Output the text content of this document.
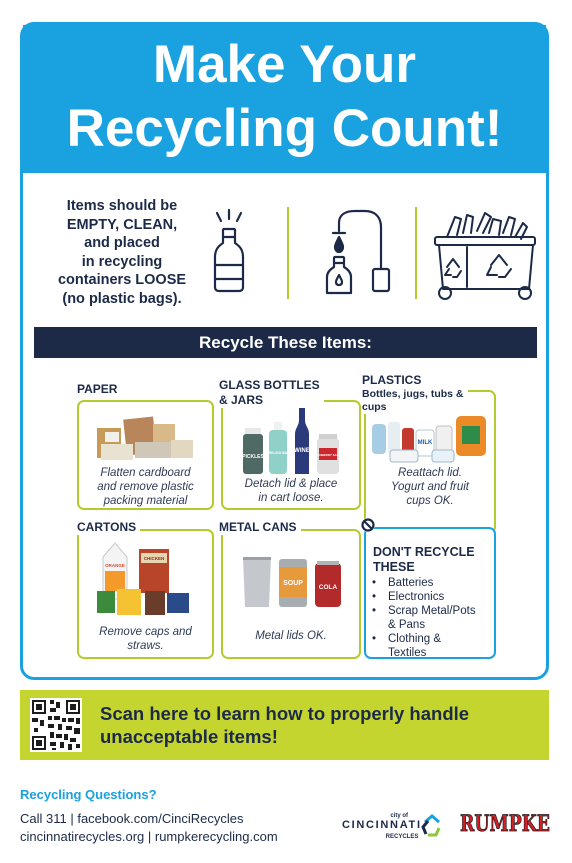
Make Your
Recycling Count!
Items should be
EMPTY, CLEAN,
and placed
in recycling
containers LOOSE
(no plastic bags).
Recycle These Items:
Flatten cardboard
and remove plastic
packing material
PAPER
PICKLES
SPARKLING WATER WINE
CRANBERRY SAUCE
Detach lid & place
in cart loose.
GLASS BOTTLES
& JARS
MILK
Reattach lid.
Yogurt and fruit
cups OK.
PLASTICS
Bottles, jugs, tubs &
cups
ORANGE
CHICKEN
Remove caps and
straws.
CARTONS
SOUP
COLA
Metal lids OK.
METAL CANS
DON'T RECYCLE
THESE
• Batteries
• Electronics
• Scrap Metal/Pots
& Pans
• Clothing &
Textiles
Scan here to learn how to properly handle
unacceptable items!
Recycling Questions?
Call 311 | facebook.com/CinciRecycles
cincinnatirecycles.org | rumpkerecycling.com
city of
CINCINNATI
RECYCLES RUMPKE
